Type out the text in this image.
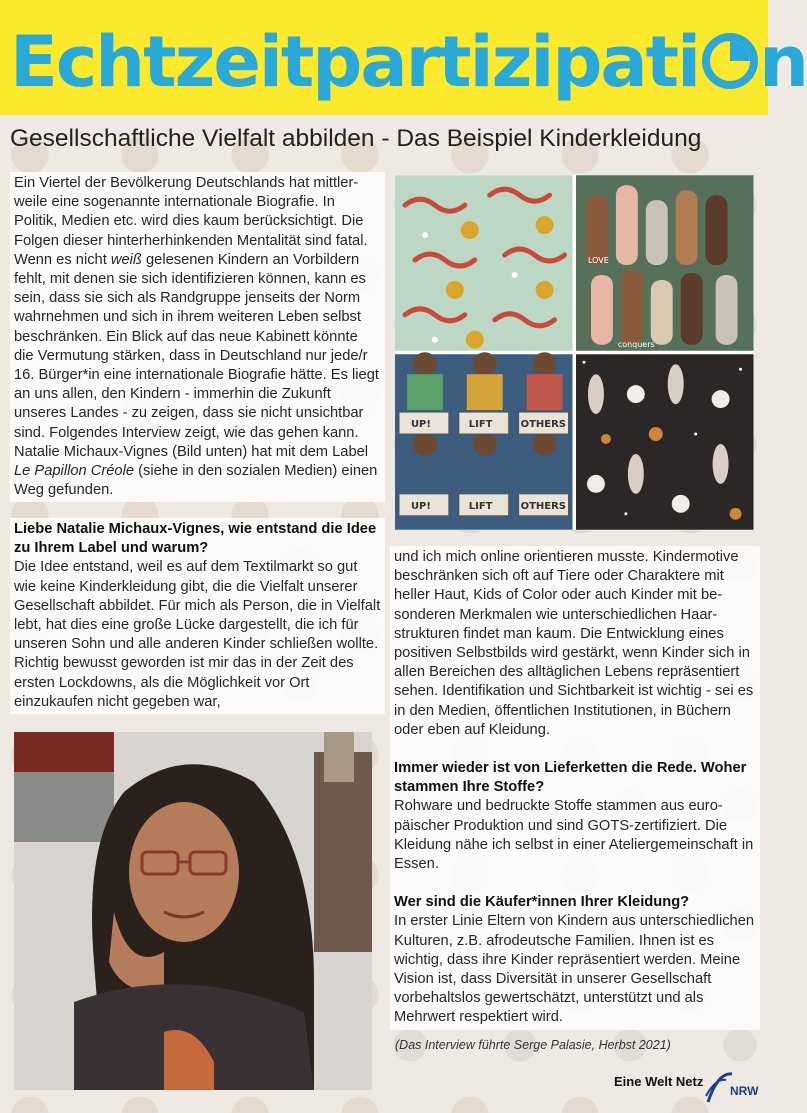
Echtzeitpartizipati n
Gesellschaftliche Vielfalt abbilden - Das Beispiel Kinderkleidung

Ein Viertel der Bevölkerung Deutschlands hat mittlerweile eine sogenannte internationale Biografie. In Politik, Medien etc. wird dies kaum berücksichtigt. Die Folgen dieser hinterherhinkenden Mentalität sind fatal. Wenn es nicht weiß gelesenen Kindern an Vorbildern fehlt, mit denen sie sich identifizieren können, kann es sein, dass sie sich als Randgruppe jenseits der Norm wahrnehmen und sich in ihrem weiteren Leben selbst beschränken. Ein Blick auf das neue Kabinett könnte die Vermutung stärken, dass in Deutschland nur jede/r 16. Bürger*in eine internationale Biografie hätte. Es liegt an uns allen, den Kindern - immerhin die Zukunft unseres Landes - zu zeigen, dass sie nicht unsichtbar sind. Folgendes Interview zeigt, wie das gehen kann. Natalie Michaux-Vignes (Bild unten) hat mit dem Label Le Papillon Créole (siehe in den sozialen Medien) einen Weg gefunden.

Liebe Natalie Michaux-Vignes, wie entstand die Idee zu Ihrem Label und warum?

Die Idee entstand, weil es auf dem Textilmarkt so gut wie keine Kinderkleidung gibt, die die Vielfalt unserer Gesellschaft abbildet. Für mich als Person, die in Vielfalt lebt, hat dies eine große Lücke dargestellt, die ich für unseren Sohn und alle anderen Kinder schließen wollte. Richtig bewusst geworden ist mir das in der Zeit des ersten Lockdowns, als die Möglichkeit vor Ort einzukaufen nicht gegeben war,

LOVE
conquers
UP!	LIFT	OTHERS
UP!	LIFT	OTHERS

und ich mich online orientieren musste. Kindermotive beschränken sich oft auf Tiere oder Charaktere mit heller Haut, Kids of Color oder auch Kinder mit besonderen Merkmalen wie unterschiedlichen Haarstrukturen findet man kaum. Die Entwicklung eines positiven Selbstbilds wird gestärkt, wenn Kinder sich in allen Bereichen des alltäglichen Lebens repräsentiert sehen. Identifikation und Sichtbarkeit ist wichtig - sei es in den Medien, öffentlichen Institutionen, in Büchern oder eben auf Kleidung.

Immer wieder ist von Lieferketten die Rede. Woher stammen Ihre Stoffe?

Rohware und bedruckte Stoffe stammen aus europäischer Produktion und sind GOTS-zertifiziert. Die Kleidung nähe ich selbst in einer Ateliergemeinschaft in Essen.

Wer sind die Käufer*innen Ihrer Kleidung?

In erster Linie Eltern von Kindern aus unterschiedlichen Kulturen, z.B. afrodeutsche Familien. Ihnen ist es wichtig, dass ihre Kinder repräsentiert werden. Meine Vision ist, dass Diversität in unserer Gesellschaft vorbehaltslos gewertschätzt, unterstützt und als Mehrwert respektiert wird.

(Das Interview führte Serge Palasie, Herbst 2021)
Eine Welt Netz
NRW
